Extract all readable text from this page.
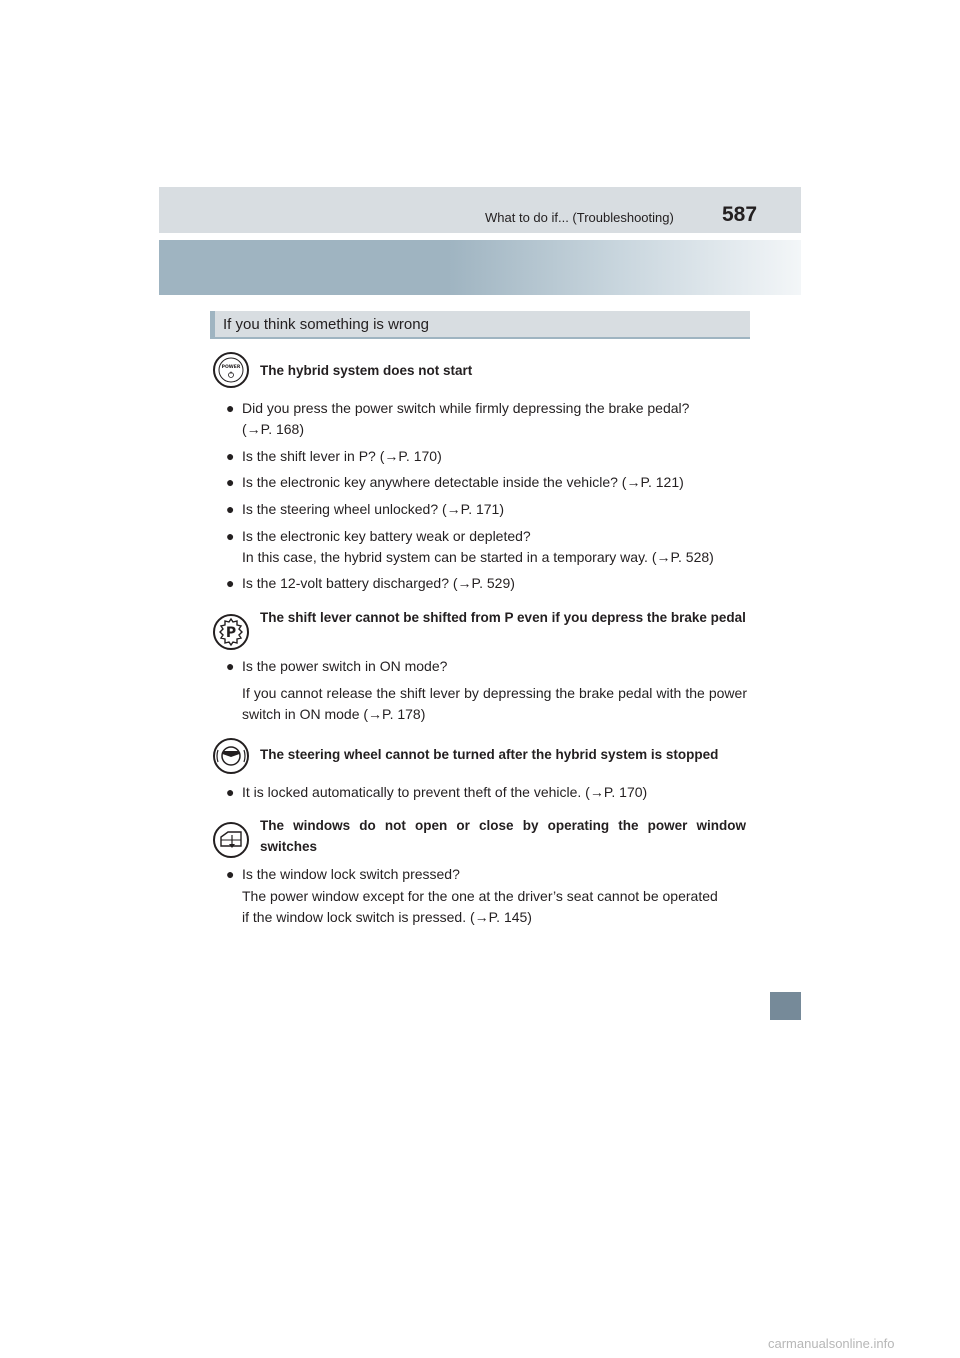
What to do if... (Troubleshooting) 587
If you think something is wrong
POWER The hybrid system does not start
● Did you press the power switch while firmly depressing the brake pedal?
(→P. 168)
● Is the shift lever in P? (→P. 170)
● Is the electronic key anywhere detectable inside the vehicle? (→P. 121)
● Is the steering wheel unlocked? (→P. 171)
● Is the electronic key battery weak or depleted?
In this case, the hybrid system can be started in a temporary way. (→P. 528)
● Is the 12-volt battery discharged? (→P. 529)
P
The shift lever cannot be shifted from P even if you depress the brake pedal
● Is the power switch in ON mode?
If you cannot release the shift lever by depressing the brake pedal with the power switch in ON mode (→P. 178)
The steering wheel cannot be turned after the hybrid system is stopped
● It is locked automatically to prevent theft of the vehicle. (→P. 170)
The windows do not open or close by operating the power window switches
● Is the window lock switch pressed?
The power window except for the one at the driver’s seat cannot be operated
if the window lock switch is pressed. (→P. 145)
carmanualsonline.info
